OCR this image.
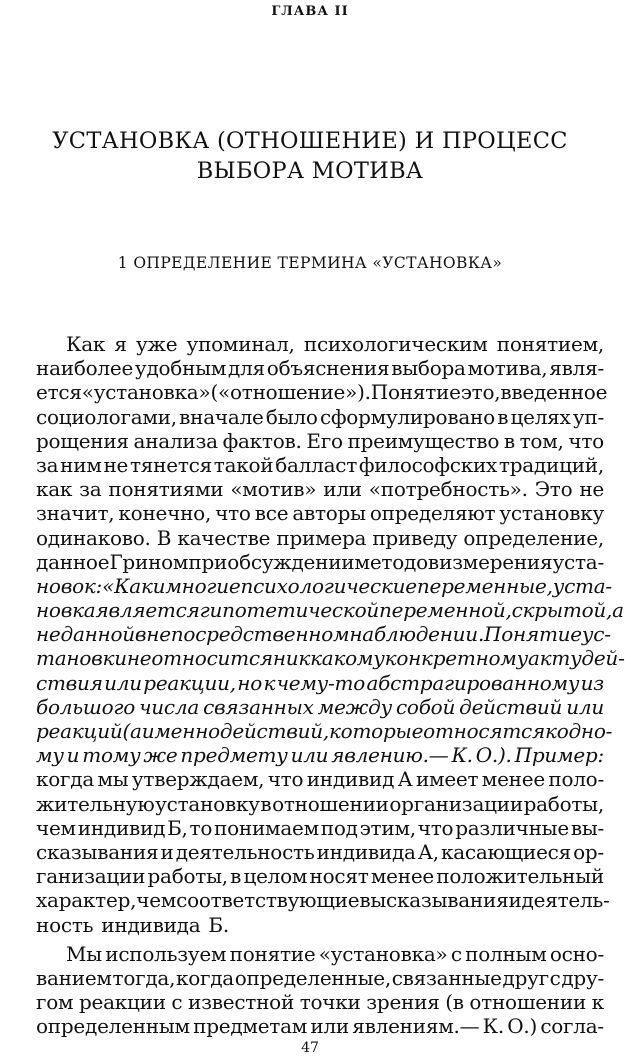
ГЛАВА II
УСТАНОВКА (ОТНОШЕНИЕ) И ПРОЦЕСС
ВЫБОРА МОТИВА
1 ОПРЕДЕЛЕНИЕ ТЕРМИНА «УСТАНОВКА»
Как я уже упоминал, психологическим понятием,
наиболее удобным для объяснения выбора мотива, явля-
ется «установка» («отношение»). Понятие это, введенное
социологами, вначале было сформулировано в целях уп-
рощения анализа фактов. Его преимущество в том, что
за ним не тянется такой балласт философских традиций,
как за понятиями «мотив» или «потребность». Это не
значит, конечно, что все авторы определяют установку
одинаково. В качестве примера приведу определение,
данное Грином при обсуждении методов измерения уста-
новок: «Как и многие психологические переменные, уста-
новка является гипотетической переменной, скрытой, а
не данной в непосредственном наблюдении. Понятие ус-
тановки не относится ни к какому конкретному акту дей-
ствия или реакции, но к чему-то абстрагированному из
большого числа связанных между собой действий или
реакций (а именно действий, которые относятся к одно-
му и тому же предмету или явлению.— К. О.). Пример:
когда мы утверждаем, что индивид А имеет менее поло-
жительную установку в отношении организации работы,
чем индивид Б, то понимаем под этим, что различные вы-
сказывания и деятельность индивида А, касающиеся ор-
ганизации работы, в целом носят менее положительный
характер, чем соответствующие высказывания и деятель-
ность индивида Б.
Мы используем понятие «установка» с полным осно-
ванием тогда, когда определенные, связанные друг с дру-
гом реакции с известной точки зрения (в отношении к
определенным предметам или явлениям.— К. О.) согла-
47
